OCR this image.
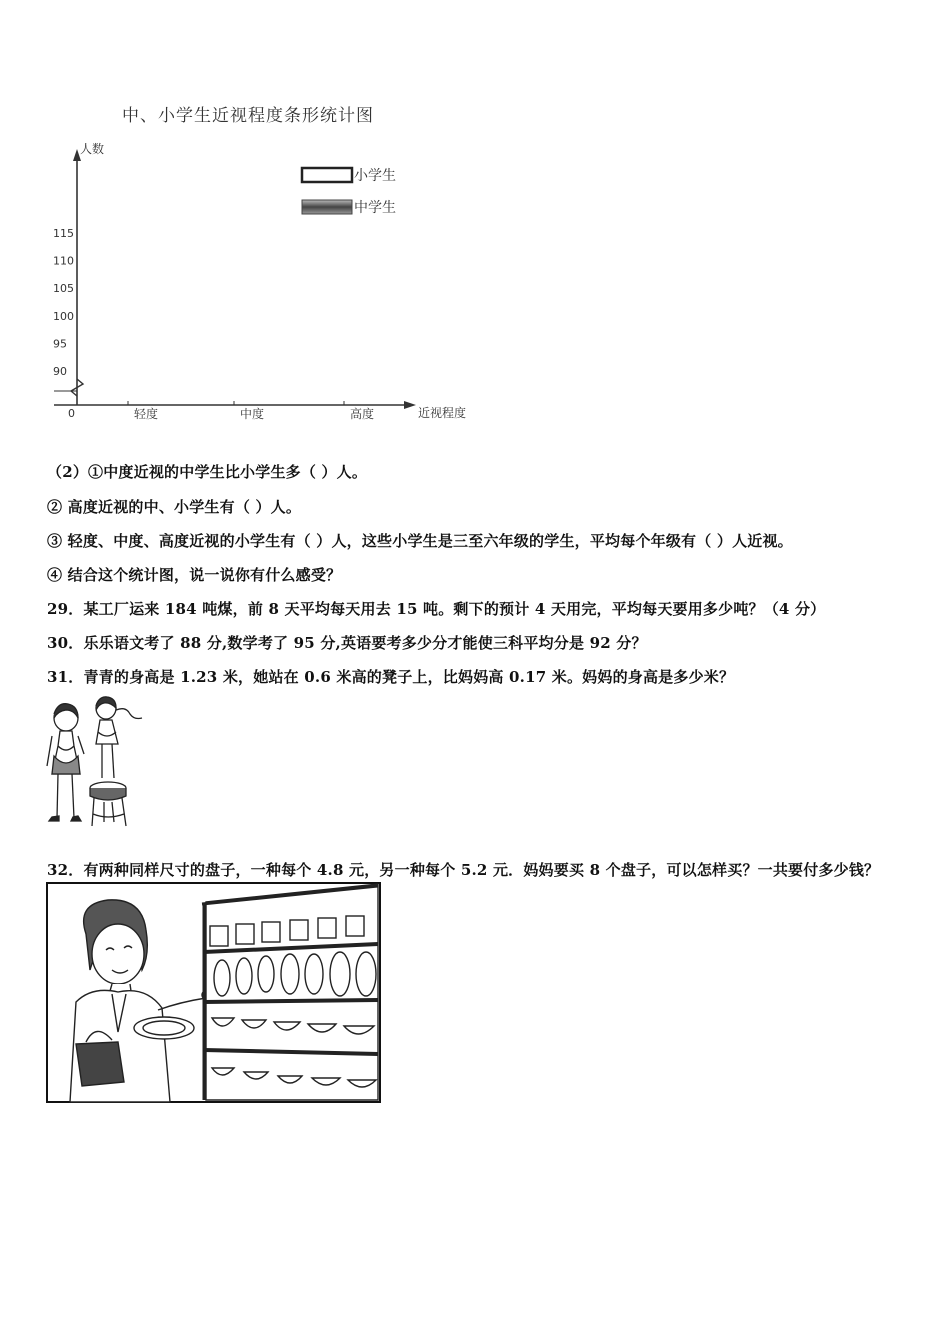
中、小学生近视程度条形统计图
人数
近视程度
0
90
95
100
105
110
115
轻度	中度	高度
小学生
中学生
（2）①中度近视的中学生比小学生多（ ）人。
② 高度近视的中、小学生有（ ）人。
③ 轻度、中度、高度近视的小学生有（ ）人，这些小学生是三至六年级的学生，平均每个年级有（ ）人近视。
④ 结合这个统计图，说一说你有什么感受？
29．某工厂运来 184 吨煤，前 8 天平均每天用去 15 吨。剩下的预计 4 天用完，平均每天要用多少吨？（4 分）
30．乐乐语文考了 88 分,数学考了 95 分,英语要考多少分才能使三科平均分是 92 分？
31．青青的身高是 1.23 米，她站在 0.6 米高的凳子上，比妈妈高 0.17 米。妈妈的身高是多少米？
32．有两种同样尺寸的盘子，一种每个 4.8 元，另一种每个 5.2 元．妈妈要买 8 个盘子，可以怎样买？一共要付多少钱？
